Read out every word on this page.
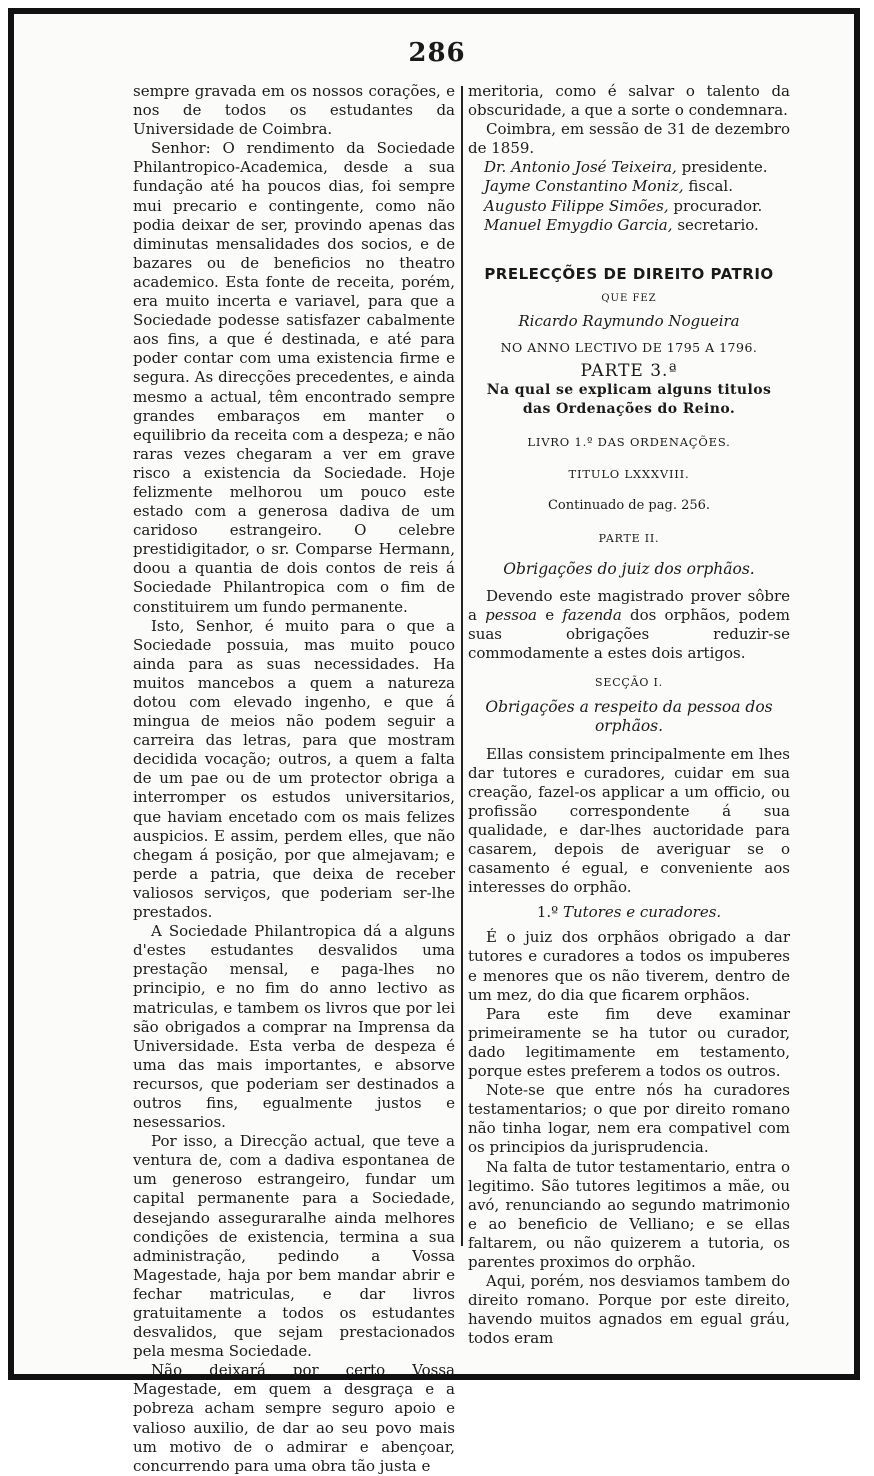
286

sempre gravada em os nossos corações, e nos de todos os estudantes da Universidade de Coimbra.

Senhor: O rendimento da Sociedade Philantropico-Academica, desde a sua fundação até ha poucos dias, foi sempre mui precario e contingente, como não podia deixar de ser, provindo apenas das diminutas mensalidades dos socios, e de bazares ou de beneficios no theatro academico. Esta fonte de receita, porém, era muito incerta e variavel, para que a Sociedade podesse satisfazer cabalmente aos fins, a que é destinada, e até para poder contar com uma existencia firme e segura. As direcções precedentes, e ainda mesmo a actual, têm encontrado sempre grandes embaraços em manter o equilibrio da receita com a despeza; e não raras vezes chegaram a ver em grave risco a existencia da Sociedade. Hoje felizmente melhorou um pouco este estado com a generosa dadiva de um caridoso estrangeiro. O celebre prestidigitador, o sr. Comparse Hermann, doou a quantia de dois contos de reis á Sociedade Philantropica com o fim de constituirem um fundo permanente.

Isto, Senhor, é muito para o que a Sociedade possuia, mas muito pouco ainda para as suas necessidades. Ha muitos mancebos a quem a natureza dotou com elevado ingenho, e que á mingua de meios não podem seguir a carreira das letras, para que mostram decidida vocação; outros, a quem a falta de um pae ou de um protector obriga a interromper os estudos universitarios, que haviam encetado com os mais felizes auspicios. E assim, perdem elles, que não chegam á posição, por que almejavam; e perde a patria, que deixa de receber valiosos serviços, que poderiam ser-lhe prestados.

A Sociedade Philantropica dá a alguns d'estes estudantes desvalidos uma prestação mensal, e paga-lhes no principio, e no fim do anno lectivo as matriculas, e tambem os livros que por lei são obrigados a comprar na Imprensa da Universidade. Esta verba de despeza é uma das mais importantes, e absorve recursos, que poderiam ser destinados a outros fins, egualmente justos e nesessarios.

Por isso, a Direcção actual, que teve a ventura de, com a dadiva espontanea de um generoso estrangeiro, fundar um capital permanente para a Sociedade, desejando asseguraralhe ainda melhores condições de existencia, termina a sua administração, pedindo a Vossa Magestade, haja por bem mandar abrir e fechar matriculas, e dar livros gratuitamente a todos os estudantes desvalidos, que sejam prestacionados pela mesma Sociedade.

Não deixará por certo Vossa Magestade, em quem a desgraça e a pobreza acham sempre seguro apoio e valioso auxilio, de dar ao seu povo mais um motivo de o admirar e abençoar, concurrendo para uma obra tão justa e

meritoria, como é salvar o talento da obscuridade, a que a sorte o condemnara.

Coimbra, em sessão de 31 de dezembro de 1859.

Dr. Antonio José Teixeira, presidente.

Jayme Constantino Moniz, fiscal.

Augusto Filippe Simões, procurador.

Manuel Emygdio Garcia, secretario.

PRELECÇÕES DE DIREITO PATRIO

QUE FEZ

Ricardo Raymundo Nogueira

NO ANNO LECTIVO DE 1795 A 1796.

PARTE 3.ª

Na qual se explicam alguns titulos

das Ordenações do Reino.

LIVRO 1.º DAS ORDENAÇÕES.

TITULO LXXXVIII.

Continuado de pag. 256.

PARTE II.

Obrigações do juiz dos orphãos.

Devendo este magistrado prover sôbre a pessoa e fazenda dos orphãos, podem suas obrigações reduzir-se commodamente a estes dois artigos.

SECÇÃO I.

Obrigações a respeito da pessoa dos orphãos.

Ellas consistem principalmente em lhes dar tutores e curadores, cuidar em sua creação, fazel-os applicar a um officio, ou profissão correspondente á sua qualidade, e dar-lhes auctoridade para casarem, depois de averiguar se o casamento é egual, e conveniente aos interesses do orphão.

1.º Tutores e curadores.

É o juiz dos orphãos obrigado a dar tutores e curadores a todos os impuberes e menores que os não tiverem, dentro de um mez, do dia que ficarem orphãos.

Para este fim deve examinar primeiramente se ha tutor ou curador, dado legitimamente em testamento, porque estes preferem a todos os outros.

Note-se que entre nós ha curadores testamentarios; o que por direito romano não tinha logar, nem era compativel com os principios da jurisprudencia.

Na falta de tutor testamentario, entra o legitimo. São tutores legitimos a mãe, ou avó, renunciando ao segundo matrimonio e ao beneficio de Velliano; e se ellas faltarem, ou não quizerem a tutoria, os parentes proximos do orphão.

Aqui, porém, nos desviamos tambem do direito romano. Porque por este direito, havendo muitos agnados em egual gráu, todos eram
